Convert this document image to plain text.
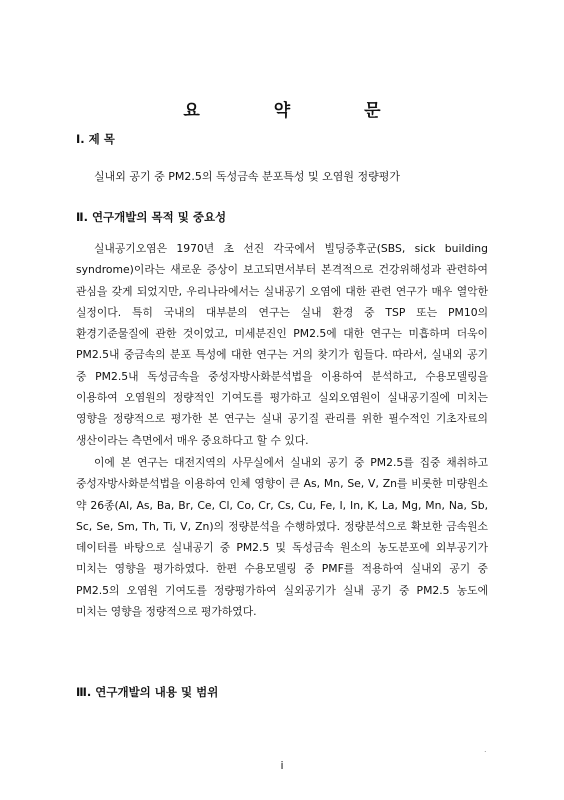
요	약	문
Ⅰ. 제 목
실내외 공기 중 PM2.5의 독성금속 분포특성 및 오염원 정량평가
Ⅱ. 연구개발의 목적 및 중요성
실내공기오염은 1970년 초 선진 각국에서 빌딩증후군(SBS, sick building syndrome)이라는 새로운 증상이 보고되면서부터 본격적으로 건강위해성과 관련하여 관심을 갖게 되었지만, 우리나라에서는 실내공기 오염에 대한 관련 연구가 매우 열악한 실정이다. 특히 국내의 대부분의 연구는 실내 환경 중 TSP 또는 PM10의 환경기준물질에 관한 것이었고, 미세분진인 PM2.5에 대한 연구는 미흡하며 더욱이 PM2.5내 중금속의 분포 특성에 대한 연구는 거의 찾기가 힘들다. 따라서, 실내외 공기 중 PM2.5내 독성금속을 중성자방사화분석법을 이용하여 분석하고, 수용모델링을 이용하여 오염원의 정량적인 기여도를 평가하고 실외오염원이 실내공기질에 미치는 영향을 정량적으로 평가한 본 연구는 실내 공기질 관리를 위한 필수적인 기초자료의 생산이라는 측면에서 매우 중요하다고 할 수 있다.
이에 본 연구는 대전지역의 사무실에서 실내외 공기 중 PM2.5를 집중 채취하고 중성자방사화분석법을 이용하여 인체 영향이 큰 As, Mn, Se, V, Zn를 비롯한 미량원소 약 26종(Al, As, Ba, Br, Ce, Cl, Co, Cr, Cs, Cu, Fe, I, In, K, La, Mg, Mn, Na, Sb, Sc, Se, Sm, Th, Ti, V, Zn)의 정량분석을 수행하였다. 정량분석으로 확보한 금속원소 데이터를 바탕으로 실내공기 중 PM2.5 및 독성금속 원소의 농도분포에 외부공기가 미치는 영향을 평가하였다. 한편 수용모델링 중 PMF를 적용하여 실내외 공기 중 PM2.5의 오염원 기여도를 정량평가하여 실외공기가 실내 공기 중 PM2.5 농도에 미치는 영향을 정량적으로 평가하였다.
Ⅲ. 연구개발의 내용 및 범위
.
i
